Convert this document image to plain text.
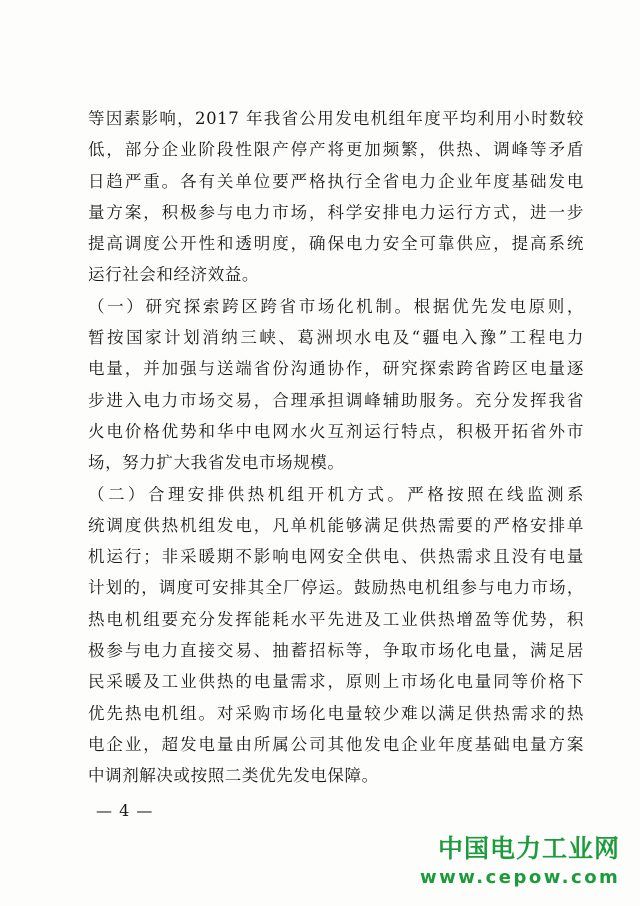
等因素影响，2017 年我省公用发电机组年度平均利用小时数较
低，部分企业阶段性限产停产将更加频繁，供热、调峰等矛盾
日趋严重。各有关单位要严格执行全省电力企业年度基础发电
量方案，积极参与电力市场，科学安排电力运行方式，进一步
提高调度公开性和透明度，确保电力安全可靠供应，提高系统
运行社会和经济效益。
（一）研究探索跨区跨省市场化机制。根据优先发电原则，
暂按国家计划消纳三峡、葛洲坝水电及“疆电入豫”工程电力
电量，并加强与送端省份沟通协作，研究探索跨省跨区电量逐
步进入电力市场交易，合理承担调峰辅助服务。充分发挥我省
火电价格优势和华中电网水火互剂运行特点，积极开拓省外市
场，努力扩大我省发电市场规模。
（二）合理安排供热机组开机方式。严格按照在线监测系
统调度供热机组发电，凡单机能够满足供热需要的严格安排单
机运行；非采暖期不影响电网安全供电、供热需求且没有电量
计划的，调度可安排其全厂停运。鼓励热电机组参与电力市场，
热电机组要充分发挥能耗水平先进及工业供热增盈等优势，积
极参与电力直接交易、抽蓄招标等，争取市场化电量，满足居
民采暖及工业供热的电量需求，原则上市场化电量同等价格下
优先热电机组。对采购市场化电量较少难以满足供热需求的热
电企业，超发电量由所属公司其他发电企业年度基础电量方案
中调剂解决或按照二类优先发电保障。
— 4 —
中国电力工业网
www.cepow.com
